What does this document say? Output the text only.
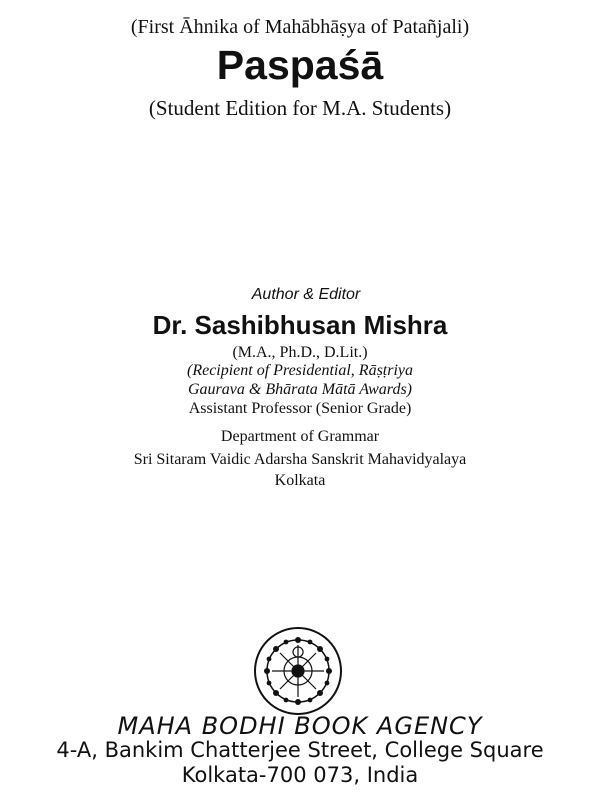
(First Āhnika of Mahābhāṣya of Patañjali)
Paspaśā
(Student Edition for M.A. Students)
Author & Editor
Dr. Sashibhusan Mishra
(M.A., Ph.D., D.Lit.)
(Recipient of Presidential, Rāṣṭriya
Gaurava & Bhārata Mātā Awards)
Assistant Professor (Senior Grade)
Department of Grammar
Sri Sitaram Vaidic Adarsha Sanskrit Mahavidyalaya
Kolkata
MAHA BODHI BOOK AGENCY
4-A, Bankim Chatterjee Street, College Square
Kolkata-700 073, India
